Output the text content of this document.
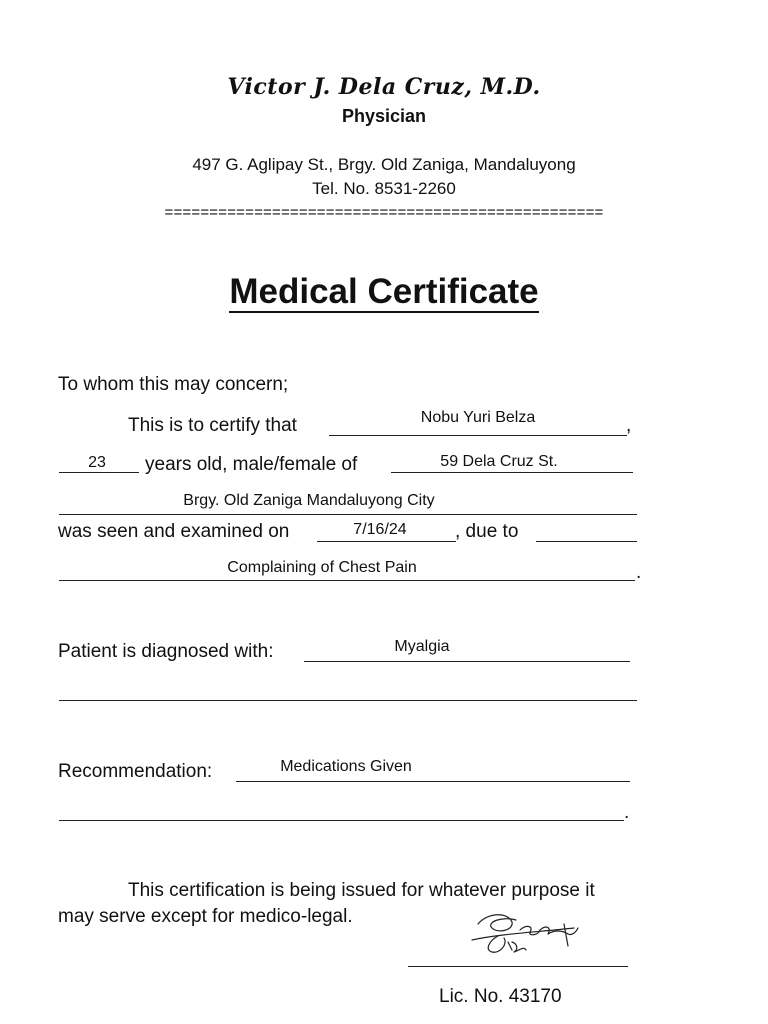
Victor J. Dela Cruz, M.D.
Physician
497 G. Aglipay St., Brgy. Old Zaniga, Mandaluyong
Tel. No. 8531-2260
=================================================
Medical Certificate
To whom this may concern;
This is to certify that	Nobu Yuri Belza	,
23	years old, male/female of	59 Dela Cruz St.
Brgy. Old Zaniga Mandaluyong City
was seen and examined on	7/16/24	, due to
Complaining of Chest Pain	.
Patient is diagnosed with:	Myalgia
Recommendation:	Medications Given
.
This certification is being issued for whatever purpose it
may serve except for medico-legal.
Lic. No. 43170
